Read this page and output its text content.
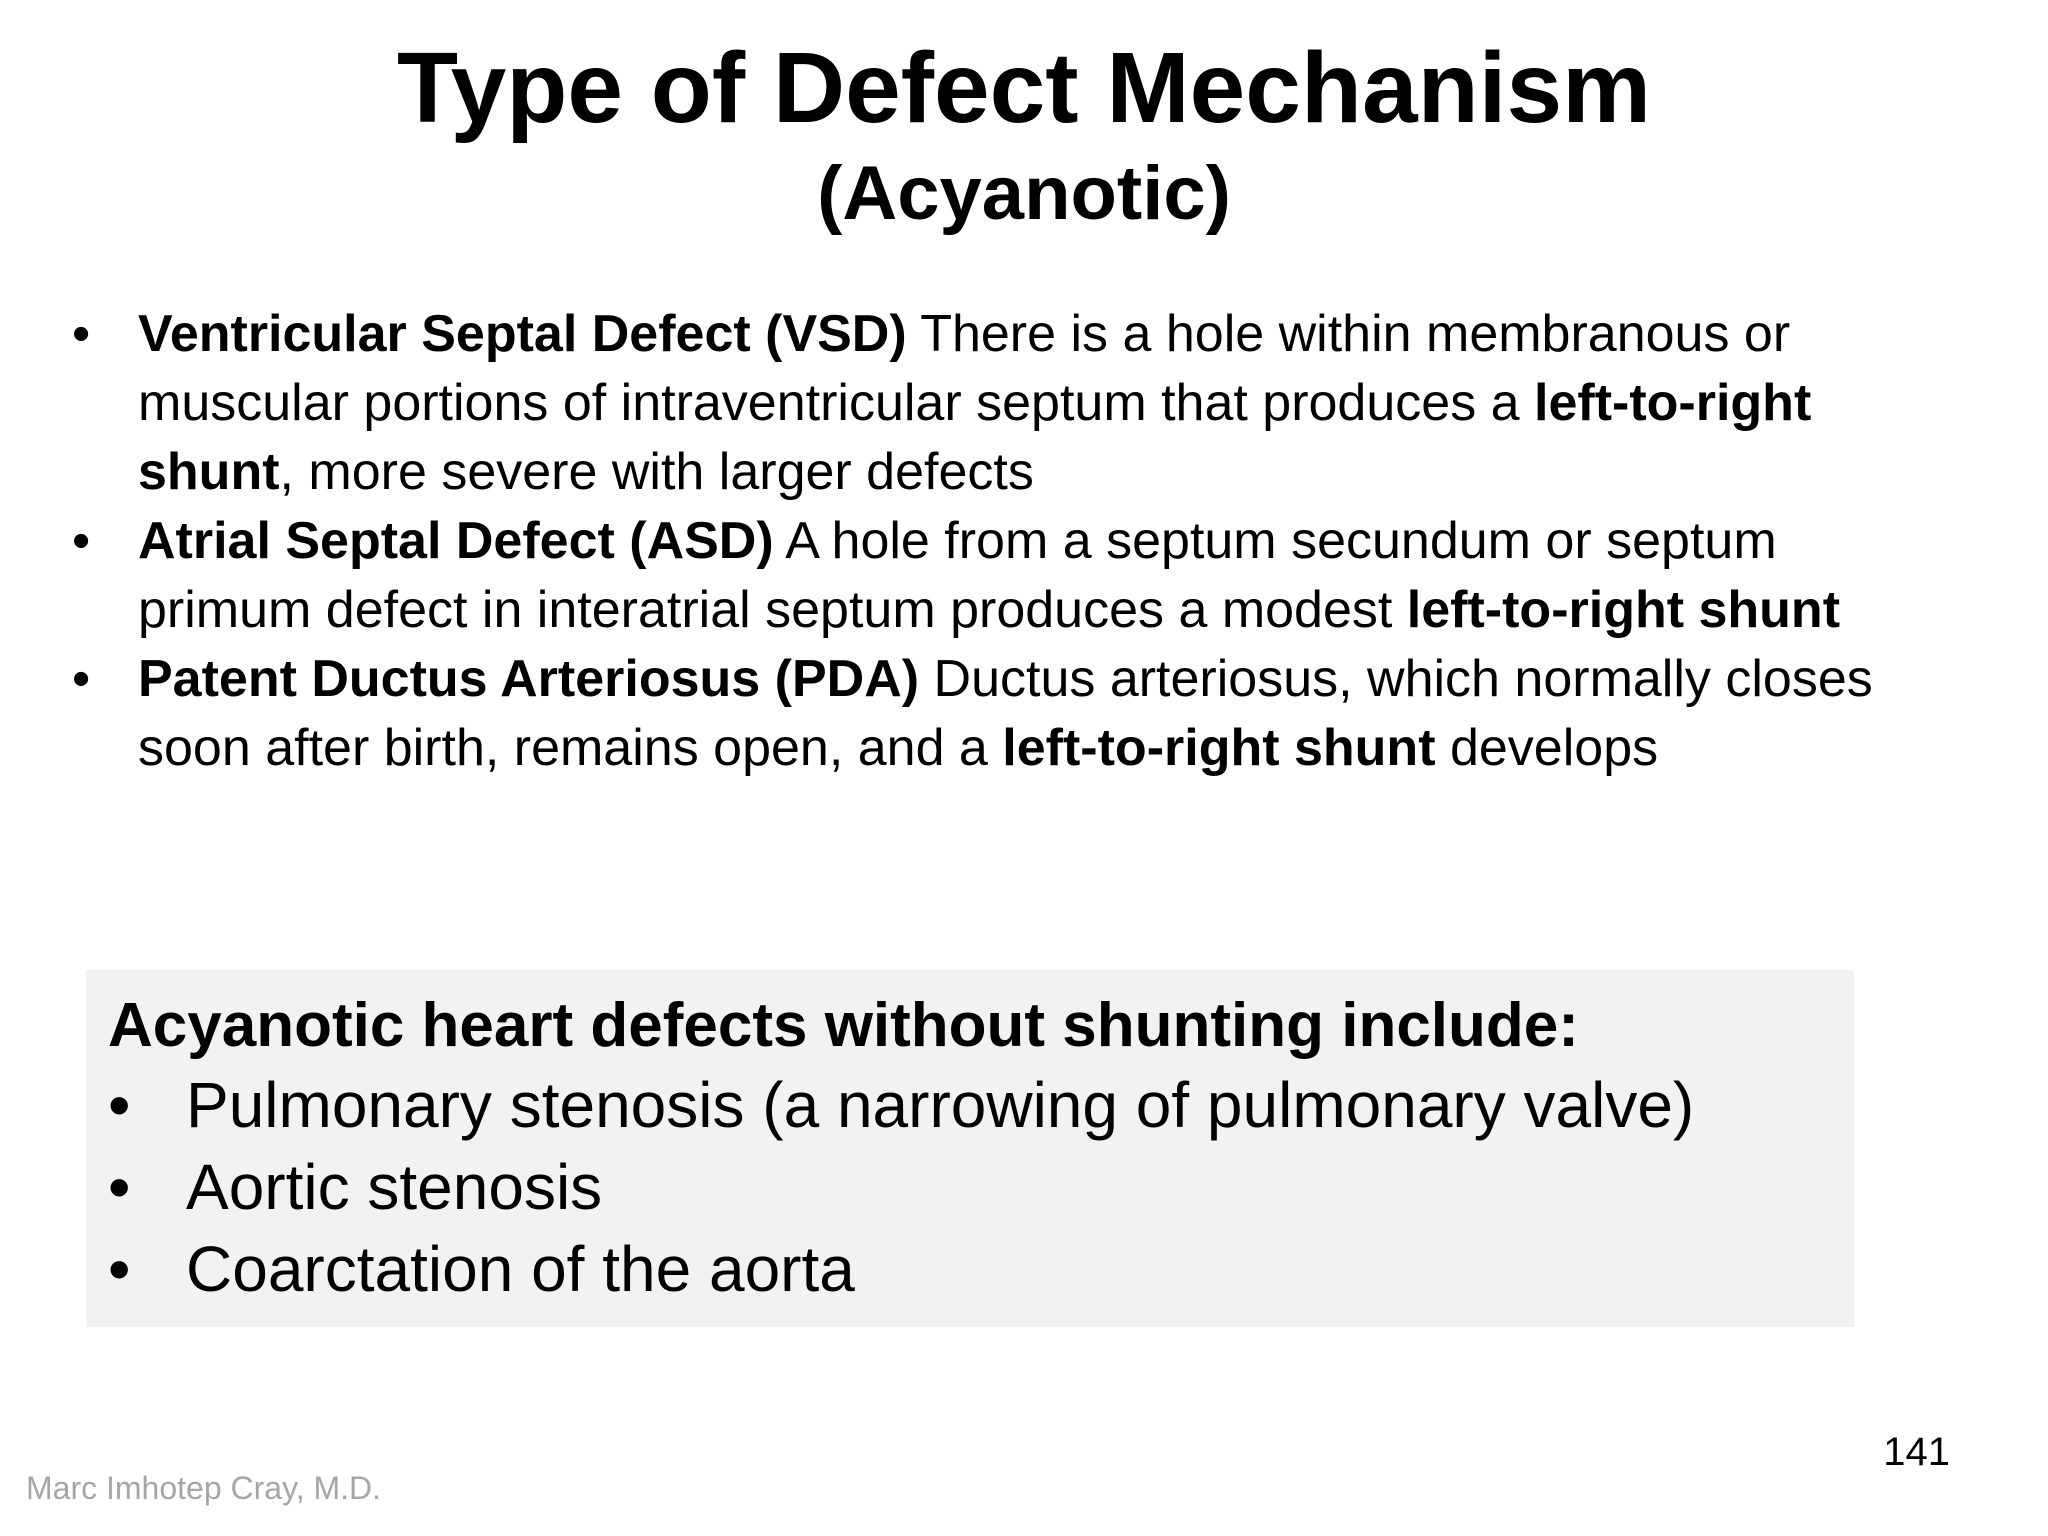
Type of Defect Mechanism
(Acyanotic)
• Ventricular Septal Defect (VSD) There is a hole within membranous or muscular portions of intraventricular septum that produces a left-to-right shunt, more severe with larger defects
• Atrial Septal Defect (ASD) A hole from a septum secundum or septum primum defect in interatrial septum produces a modest left-to-right shunt
• Patent Ductus Arteriosus (PDA) Ductus arteriosus, which normally closes soon after birth, remains open, and a left-to-right shunt develops

Acyanotic heart defects without shunting include:

• Pulmonary stenosis (a narrowing of pulmonary valve)
• Aortic stenosis
• Coarctation of the aorta

141

Marc Imhotep Cray, M.D.
